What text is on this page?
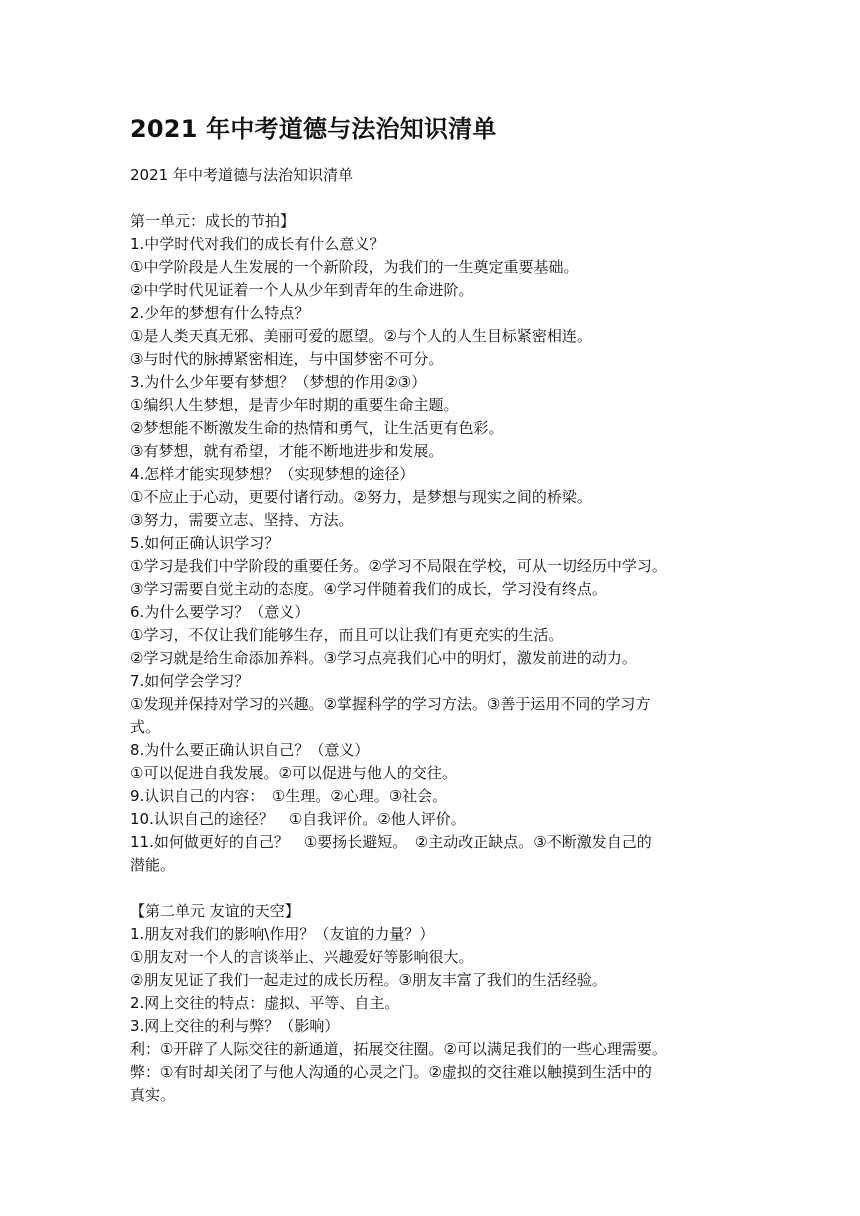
2021 年中考道德与法治知识清单
2021 年中考道德与法治知识清单
第一单元：成长的节拍】
1.中学时代对我们的成长有什么意义？
①中学阶段是人生发展的一个新阶段，为我们的一生奠定重要基础。
②中学时代见证着一个人从少年到青年的生命进阶。
2.少年的梦想有什么特点？
①是人类天真无邪、美丽可爱的愿望。②与个人的人生目标紧密相连。
③与时代的脉搏紧密相连，与中国梦密不可分。
3.为什么少年要有梦想？（梦想的作用②③）
①编织人生梦想，是青少年时期的重要生命主题。
②梦想能不断激发生命的热情和勇气，让生活更有色彩。
③有梦想，就有希望，才能不断地进步和发展。
4.怎样才能实现梦想？（实现梦想的途径）
①不应止于心动，更要付诸行动。②努力，是梦想与现实之间的桥梁。
③努力，需要立志、坚持、方法。
5.如何正确认识学习？
①学习是我们中学阶段的重要任务。②学习不局限在学校，可从一切经历中学习。
③学习需要自觉主动的态度。④学习伴随着我们的成长，学习没有终点。
6.为什么要学习？（意义）
①学习，不仅让我们能够生存，而且可以让我们有更充实的生活。
②学习就是给生命添加养料。③学习点亮我们心中的明灯，激发前进的动力。
7.如何学会学习？
①发现并保持对学习的兴趣。②掌握科学的学习方法。③善于运用不同的学习方
式。
8.为什么要正确认识自己？（意义）
①可以促进自我发展。②可以促进与他人的交往。
9.认识自己的内容：　①生理。②心理。③社会。
10.认识自己的途径？　①自我评价。②他人评价。
11.如何做更好的自己？　①要扬长避短。　②主动改正缺点。③不断激发自己的
潜能。
【第二单元 友谊的天空】
1.朋友对我们的影响\作用？（友谊的力量？）
①朋友对一个人的言谈举止、兴趣爱好等影响很大。
②朋友见证了我们一起走过的成长历程。③朋友丰富了我们的生活经验。
2.网上交往的特点：虚拟、平等、自主。
3.网上交往的利与弊？（影响）
利：①开辟了人际交往的新通道，拓展交往圈。②可以满足我们的一些心理需要。
弊：①有时却关闭了与他人沟通的心灵之门。②虚拟的交往难以触摸到生活中的
真实。
